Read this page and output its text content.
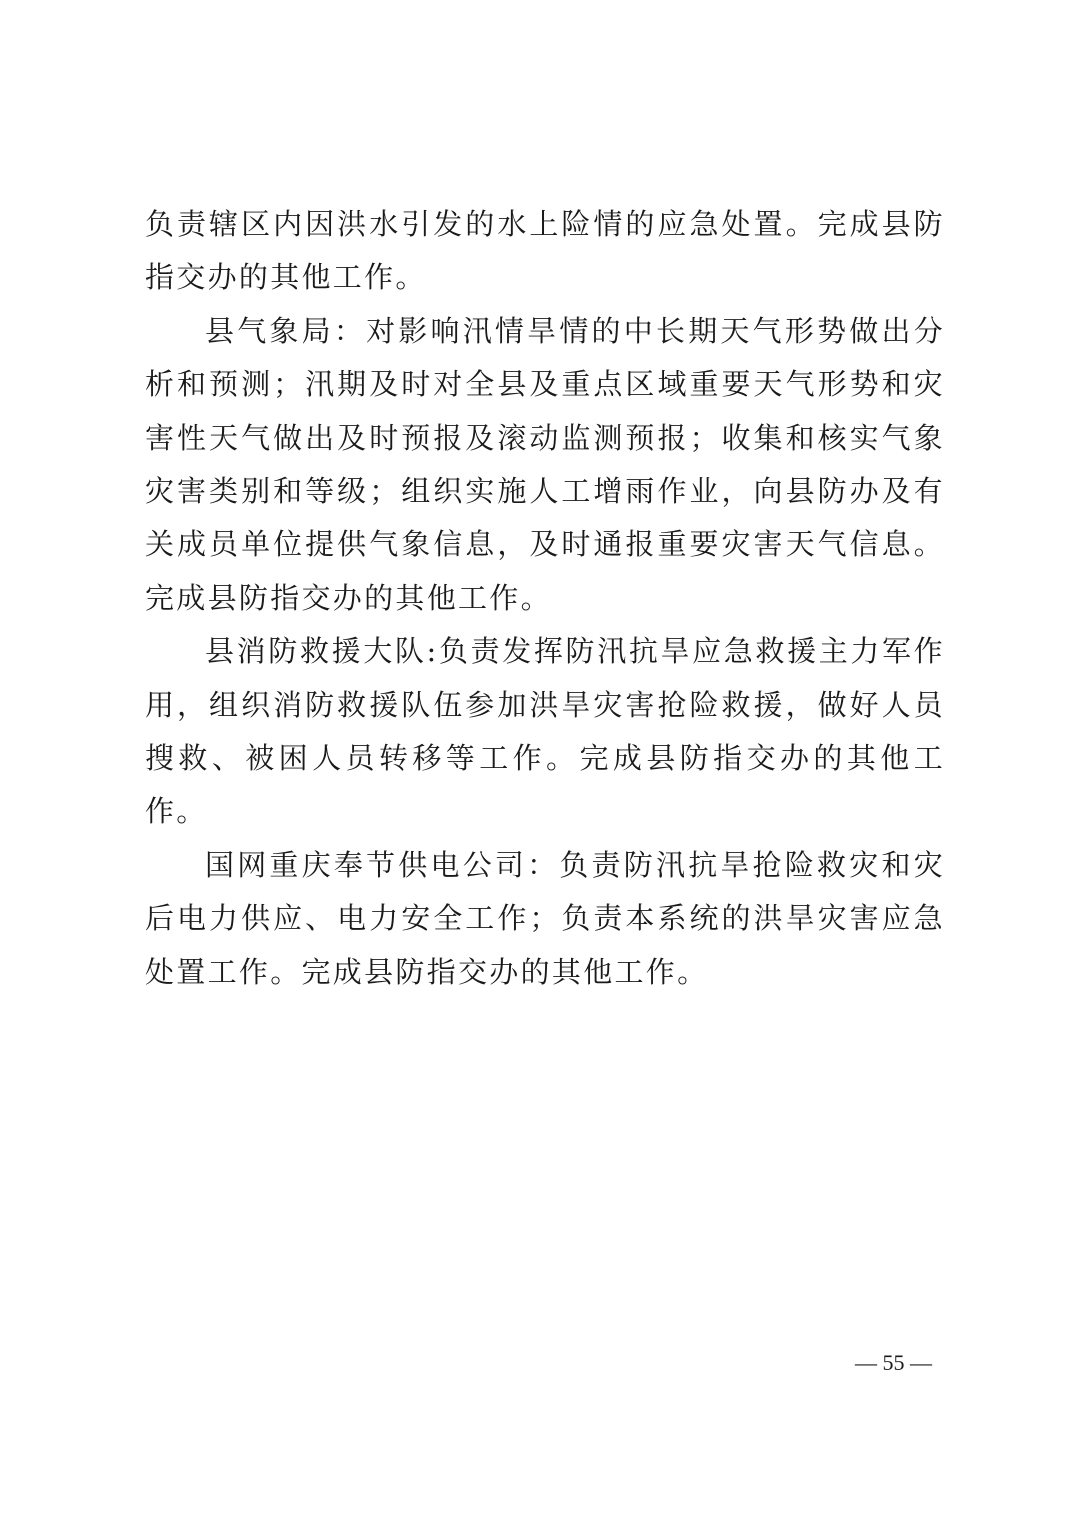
负责辖区内因洪水引发的水上险情的应急处置。完成县防指交办的其他工作。

县气象局：对影响汛情旱情的中长期天气形势做出分析和预测；汛期及时对全县及重点区域重要天气形势和灾害性天气做出及时预报及滚动监测预报；收集和核实气象灾害类别和等级；组织实施人工增雨作业，向县防办及有关成员单位提供气象信息，及时通报重要灾害天气信息。完成县防指交办的其他工作。

县消防救援大队:负责发挥防汛抗旱应急救援主力军作用，组织消防救援队伍参加洪旱灾害抢险救援，做好人员搜救、被困人员转移等工作。完成县防指交办的其他工作。

国网重庆奉节供电公司：负责防汛抗旱抢险救灾和灾后电力供应、电力安全工作；负责本系统的洪旱灾害应急处置工作。完成县防指交办的其他工作。

— 55 —
